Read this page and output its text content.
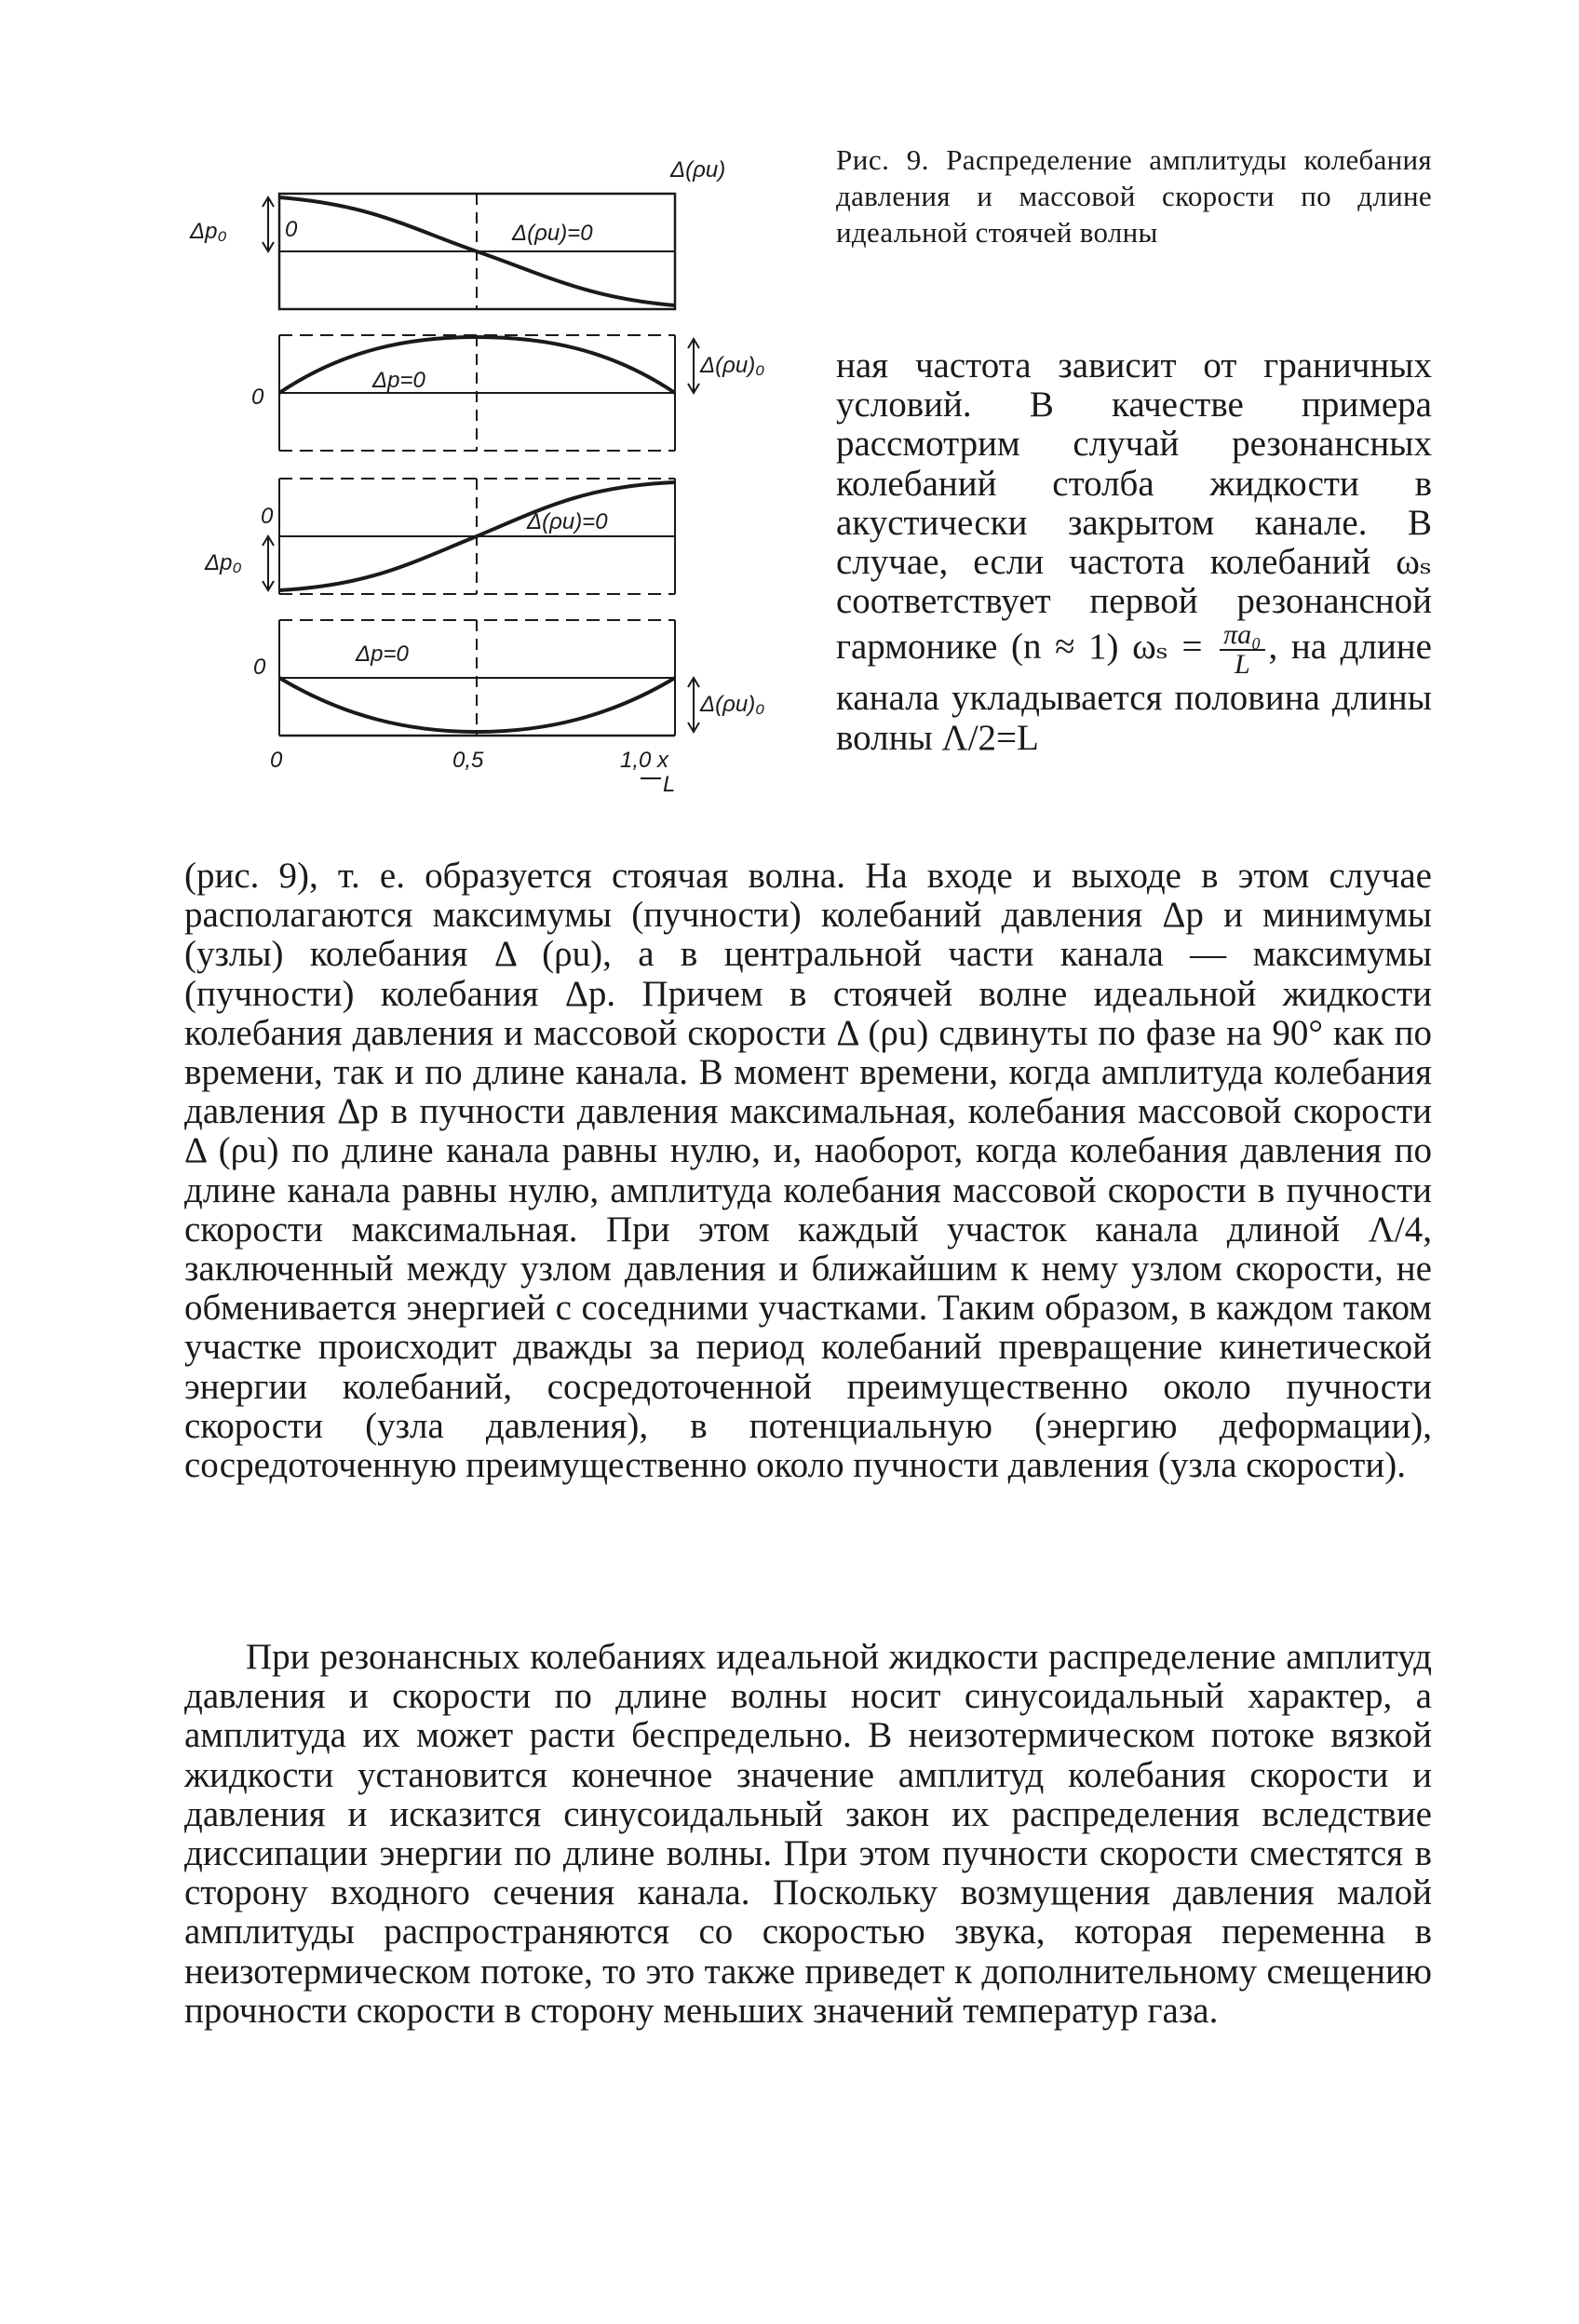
Δ(ρu)
Δp₀	0	Δ(ρu)=0
Δp=0
0
Δ(ρu)₀
0	Δ(ρu)=0
Δp₀
Δp=0
0
Δ(ρu)₀
0	0,5	1,0 x
L
Рис. 9. Распределение амплитуды колебания давления и массовой скорости по длине идеальной стоячей волны

ная частота зависит от граничных условий. В качестве примера рассмотрим случай резонансных колебаний столба жидкости в акустически закрытом канале. В случае, если частота колебаний ωₛ соответствует первой резонансной гармонике (n ≈ 1) $\omega_s = \frac{\text{πa₀}}{L}$ , на длине канала укладывается половина длины волны Λ/2=L

(рис. 9), т. е. образуется стоячая волна. На входе и выходе в этом случае располагаются максимумы (пучности) колебаний давления Δp и минимумы (узлы) колебания Δ (ρu), а в центральной части канала — максимумы (пучности) колебания Δp. Причем в стоячей волне идеальной жидкости колебания давления и массовой скорости Δ (ρu) сдвинуты по фазе на 90° как по времени, так и по длине канала. В момент времени, когда амплитуда колебания давления Δp в пучности давления максимальная, колебания массовой скорости Δ (ρu) по длине канала равны нулю, и, наоборот, когда колебания давления по длине канала равны нулю, амплитуда колебания массовой скорости в пучности скорости максимальная. При этом каждый участок канала длиной Λ/4, заключенный между узлом давления и ближайшим к нему узлом скорости, не обменивается энергией с соседними участками. Таким образом, в каждом таком участке происходит дважды за период колебаний превращение кинетической энергии колебаний, сосредоточенной преимущественно около пучности скорости (узла давления), в потенциальную (энергию деформации), сосредоточенную преимущественно около пучности давления (узла скорости).

При резонансных колебаниях идеальной жидкости распределение амплитуд давления и скорости по длине волны носит синусоидальный характер, а амплитуда их может расти беспредельно. В неизотермическом потоке вязкой жидкости установится конечное значение амплитуд колебания скорости и давления и исказится синусоидальный закон их распределения вследствие диссипации энергии по длине волны. При этом пучности скорости сместятся в сторону входного сечения канала. Поскольку возмущения давления малой амплитуды распространяются со скоростью звука, которая переменна в неизотермическом потоке, то это также приведет к дополнительному смещению прочности скорости в сторону меньших значений температур газа.
